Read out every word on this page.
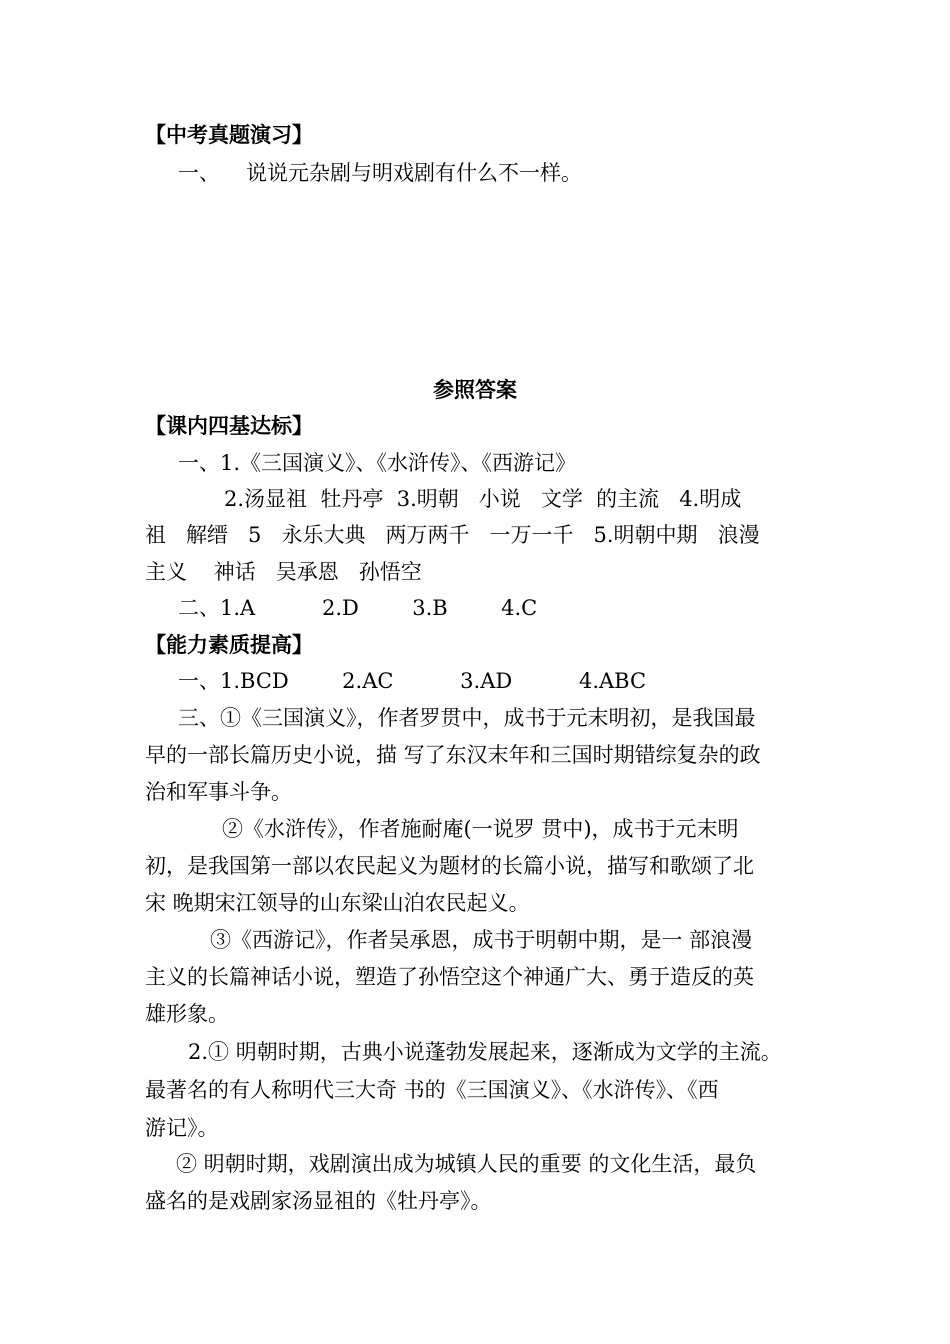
【中考真题演习】
一、 说说元杂剧与明戏剧有什么不一样。
参照答案
【课内四基达标】
一、1.《三国演义》、《水浒传》、《西游记》
2.汤显祖  牡丹亭  3.明朝   小说   文学  的主流   4.明成
祖   解缙   5   永乐大典   两万两千   一万一千   5.明朝中期   浪漫
主义    神话   吴承恩   孙悟空
二、1.A          2.D        3.B        4.C
【能力素质提高】
一、1.BCD        2.AC          3.AD          4.ABC
三、①《三国演义》，作者罗贯中，成书于元末明初，是我国最
早的一部长篇历史小说，描 写了东汉末年和三国时期错综复杂的政
治和军事斗争。
②《水浒传》，作者施耐庵(一说罗 贯中)，成书于元末明
初，是我国第一部以农民起义为题材的长篇小说，描写和歌颂了北
宋 晚期宋江领导的山东梁山泊农民起义。
③《西游记》，作者吴承恩，成书于明朝中期，是一 部浪漫
主义的长篇神话小说，塑造了孙悟空这个神通广大、勇于造反的英
雄形象。
2.① 明朝时期，古典小说蓬勃发展起来，逐渐成为文学的主流。
最著名的有人称明代三大奇 书的《三国演义》、《水浒传》、《西
游记》。
② 明朝时期，戏剧演出成为城镇人民的重要 的文化生活，最负
盛名的是戏剧家汤显祖的《牡丹亭》。
